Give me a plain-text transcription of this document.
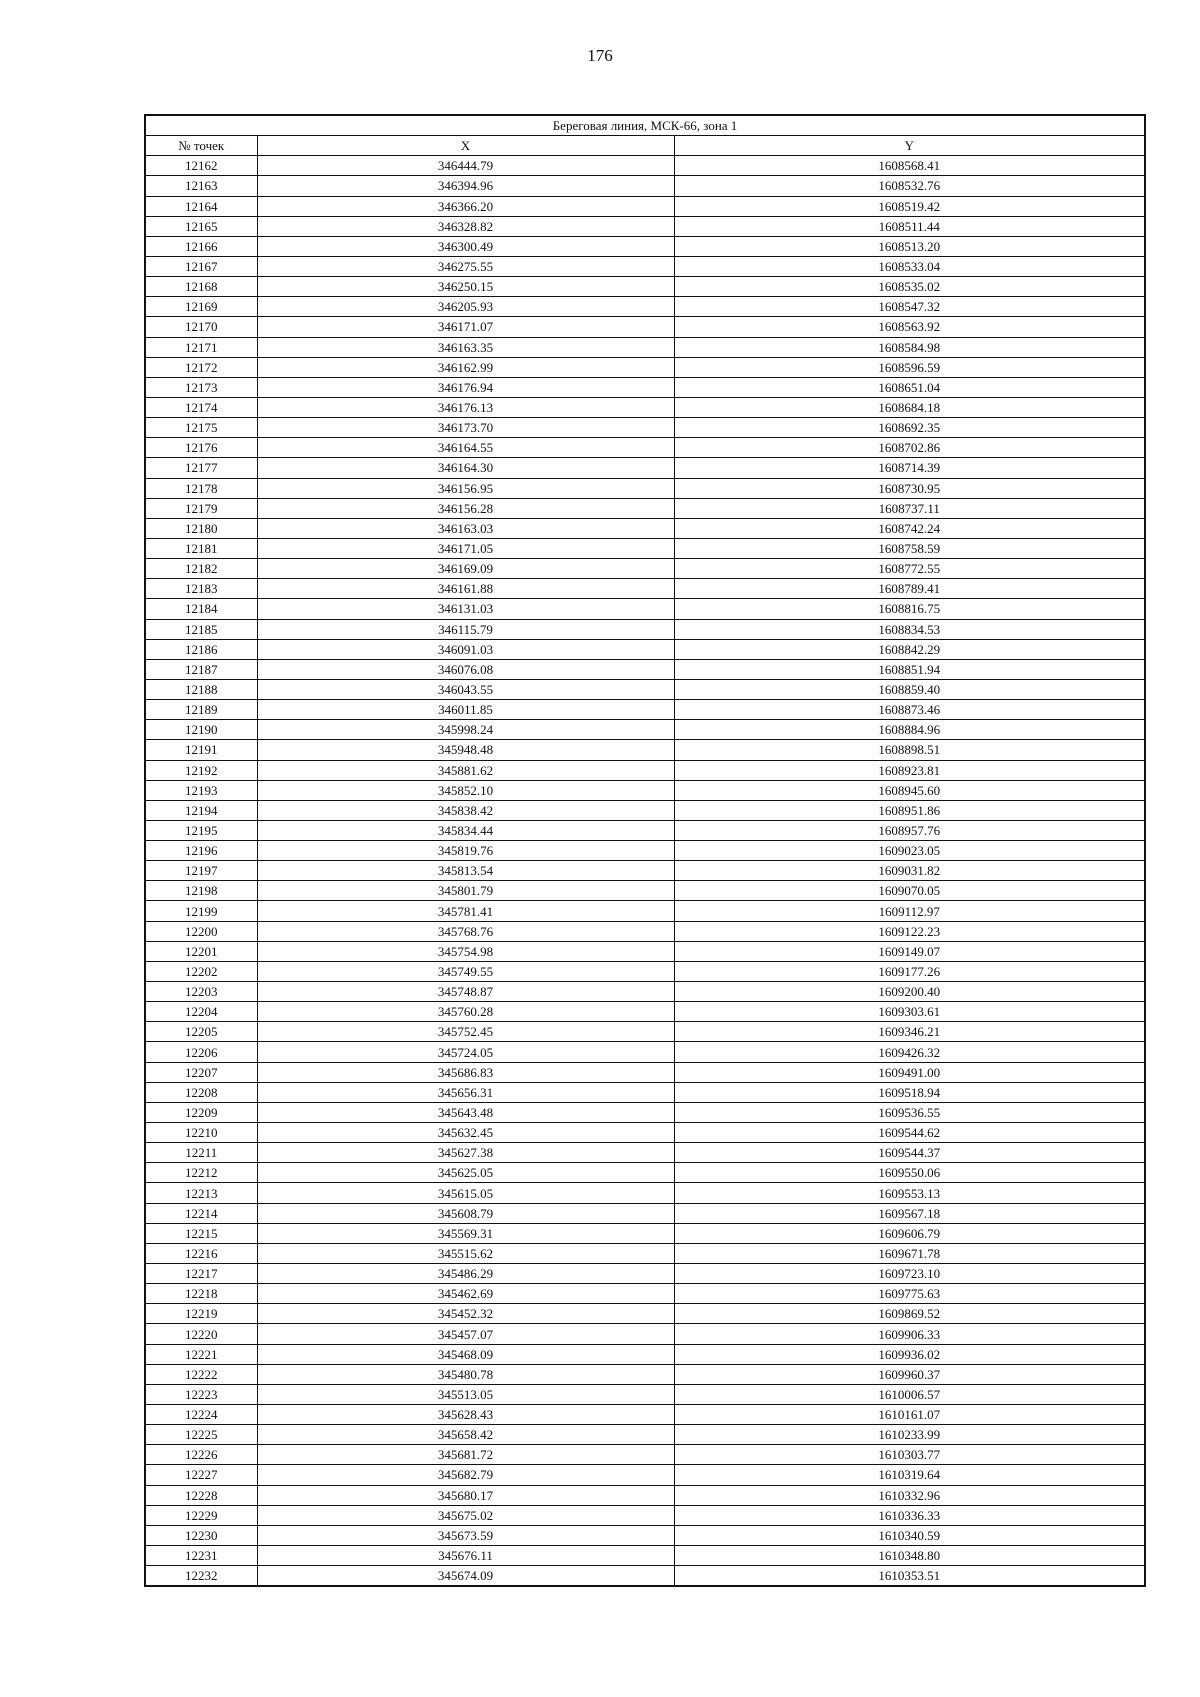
176
Береговая линия, МСК-66, зона 1		
№ точек	X	Y
12162	346444.79	1608568.41
12163	346394.96	1608532.76
12164	346366.20	1608519.42
12165	346328.82	1608511.44
12166	346300.49	1608513.20
12167	346275.55	1608533.04
12168	346250.15	1608535.02
12169	346205.93	1608547.32
12170	346171.07	1608563.92
12171	346163.35	1608584.98
12172	346162.99	1608596.59
12173	346176.94	1608651.04
12174	346176.13	1608684.18
12175	346173.70	1608692.35
12176	346164.55	1608702.86
12177	346164.30	1608714.39
12178	346156.95	1608730.95
12179	346156.28	1608737.11
12180	346163.03	1608742.24
12181	346171.05	1608758.59
12182	346169.09	1608772.55
12183	346161.88	1608789.41
12184	346131.03	1608816.75
12185	346115.79	1608834.53
12186	346091.03	1608842.29
12187	346076.08	1608851.94
12188	346043.55	1608859.40
12189	346011.85	1608873.46
12190	345998.24	1608884.96
12191	345948.48	1608898.51
12192	345881.62	1608923.81
12193	345852.10	1608945.60
12194	345838.42	1608951.86
12195	345834.44	1608957.76
12196	345819.76	1609023.05
12197	345813.54	1609031.82
12198	345801.79	1609070.05
12199	345781.41	1609112.97
12200	345768.76	1609122.23
12201	345754.98	1609149.07
12202	345749.55	1609177.26
12203	345748.87	1609200.40
12204	345760.28	1609303.61
12205	345752.45	1609346.21
12206	345724.05	1609426.32
12207	345686.83	1609491.00
12208	345656.31	1609518.94
12209	345643.48	1609536.55
12210	345632.45	1609544.62
12211	345627.38	1609544.37
12212	345625.05	1609550.06
12213	345615.05	1609553.13
12214	345608.79	1609567.18
12215	345569.31	1609606.79
12216	345515.62	1609671.78
12217	345486.29	1609723.10
12218	345462.69	1609775.63
12219	345452.32	1609869.52
12220	345457.07	1609906.33
12221	345468.09	1609936.02
12222	345480.78	1609960.37
12223	345513.05	1610006.57
12224	345628.43	1610161.07
12225	345658.42	1610233.99
12226	345681.72	1610303.77
12227	345682.79	1610319.64
12228	345680.17	1610332.96
12229	345675.02	1610336.33
12230	345673.59	1610340.59
12231	345676.11	1610348.80
12232	345674.09	1610353.51
